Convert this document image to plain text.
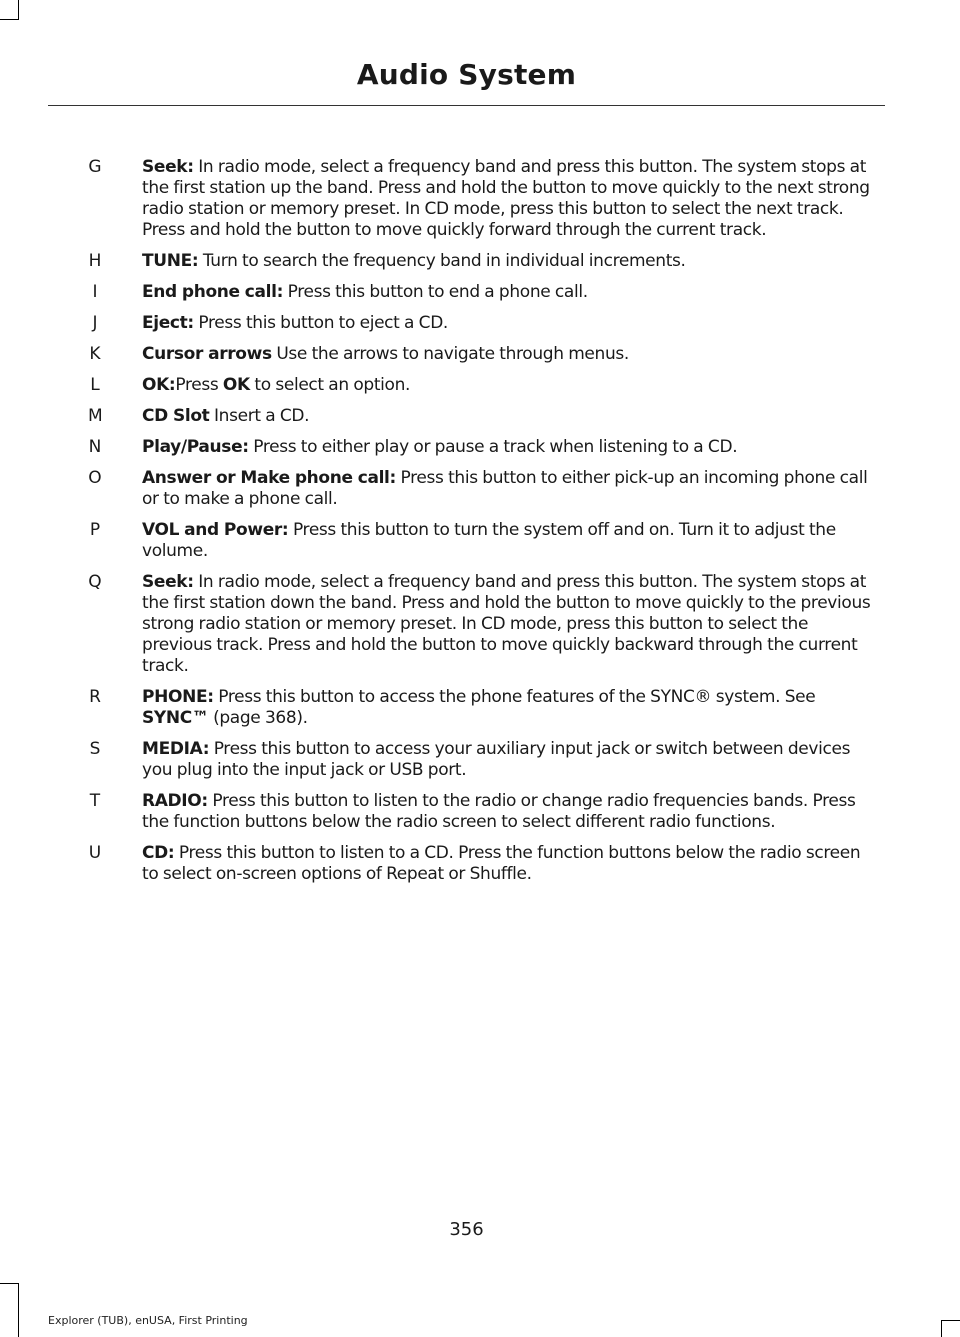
Audio System
G Seek: In radio mode, select a frequency band and press this button. The system stops at the first station up the band. Press and hold the button to move quickly to the next strong radio station or memory preset. In CD mode, press this button to select the next track. Press and hold the button to move quickly forward through the current track.
H TUNE: Turn to search the frequency band in individual increments.
I	End phone call: Press this button to end a phone call.
J	Eject: Press this button to eject a CD.
K Cursor arrows Use the arrows to navigate through menus.
L OK:Press OK to select an option.
M CD Slot Insert a CD.
N Play/Pause: Press to either play or pause a track when listening to a CD.
O Answer or Make phone call: Press this button to either pick-up an incoming phone call or to make a phone call.
P VOL and Power: Press this button to turn the system off and on. Turn it to adjust the volume.
Q Seek: In radio mode, select a frequency band and press this button. The system stops at the first station down the band. Press and hold the button to move quickly to the previous strong radio station or memory preset. In CD mode, press this button to select the previous track. Press and hold the button to move quickly backward through the current track.
R PHONE: Press this button to access the phone features of the SYNC® system. See SYNC™ (page 368).
S MEDIA: Press this button to access your auxiliary input jack or switch between devices you plug into the input jack or USB port.
T RADIO: Press this button to listen to the radio or change radio frequencies bands. Press the function buttons below the radio screen to select different radio functions.
U CD: Press this button to listen to a CD. Press the function buttons below the radio screen to select on-screen options of Repeat or Shuffle.
356
Explorer (TUB), enUSA, First Printing
